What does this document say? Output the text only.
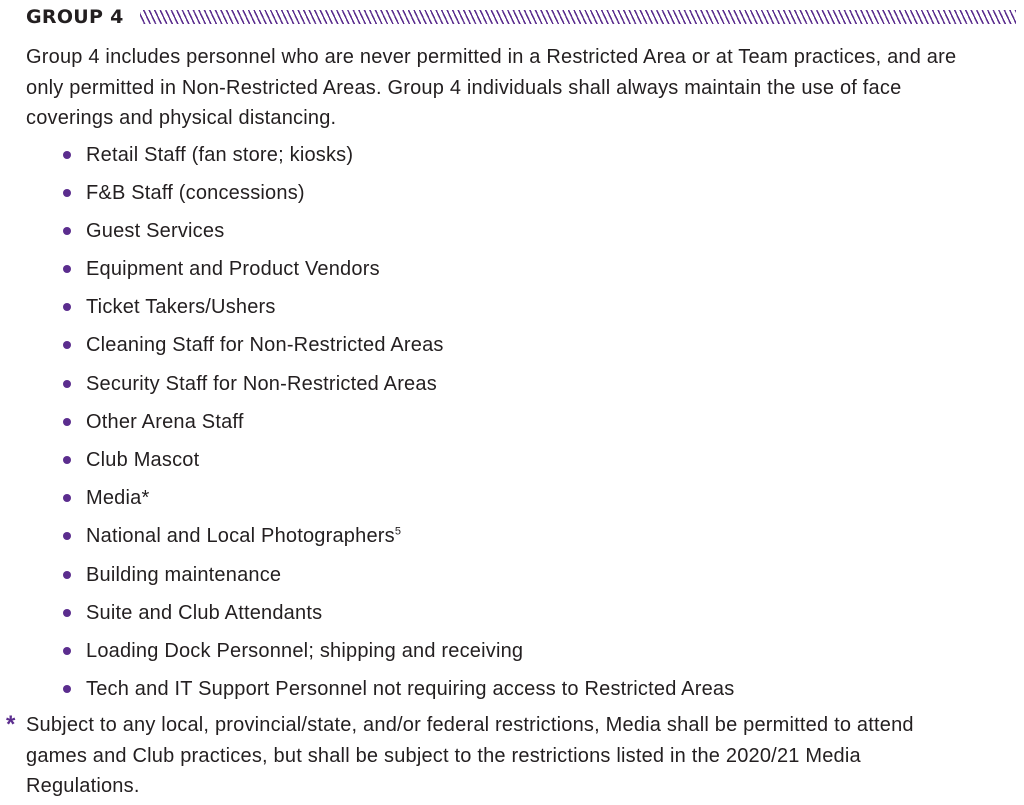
GROUP 4

Group 4 includes personnel who are never permitted in a Restricted Area or at Team practices, and are only permitted in Non-Restricted Areas. Group 4 individuals shall always maintain the use of face coverings and physical distancing.

Retail Staff (fan store; kiosks)
F&B Staff (concessions)
Guest Services
Equipment and Product Vendors
Ticket Takers/Ushers
Cleaning Staff for Non-Restricted Areas
Security Staff for Non-Restricted Areas
Other Arena Staff
Club Mascot
Media*
National and Local Photographers$^5$
Building maintenance
Suite and Club Attendants
Loading Dock Personnel; shipping and receiving
Tech and IT Support Personnel not requiring access to Restricted Areas
* Subject to any local, provincial/state, and/or federal restrictions, Media shall be permitted to attend games and Club practices, but shall be subject to the restrictions listed in the 2020/21 Media Regulations.
